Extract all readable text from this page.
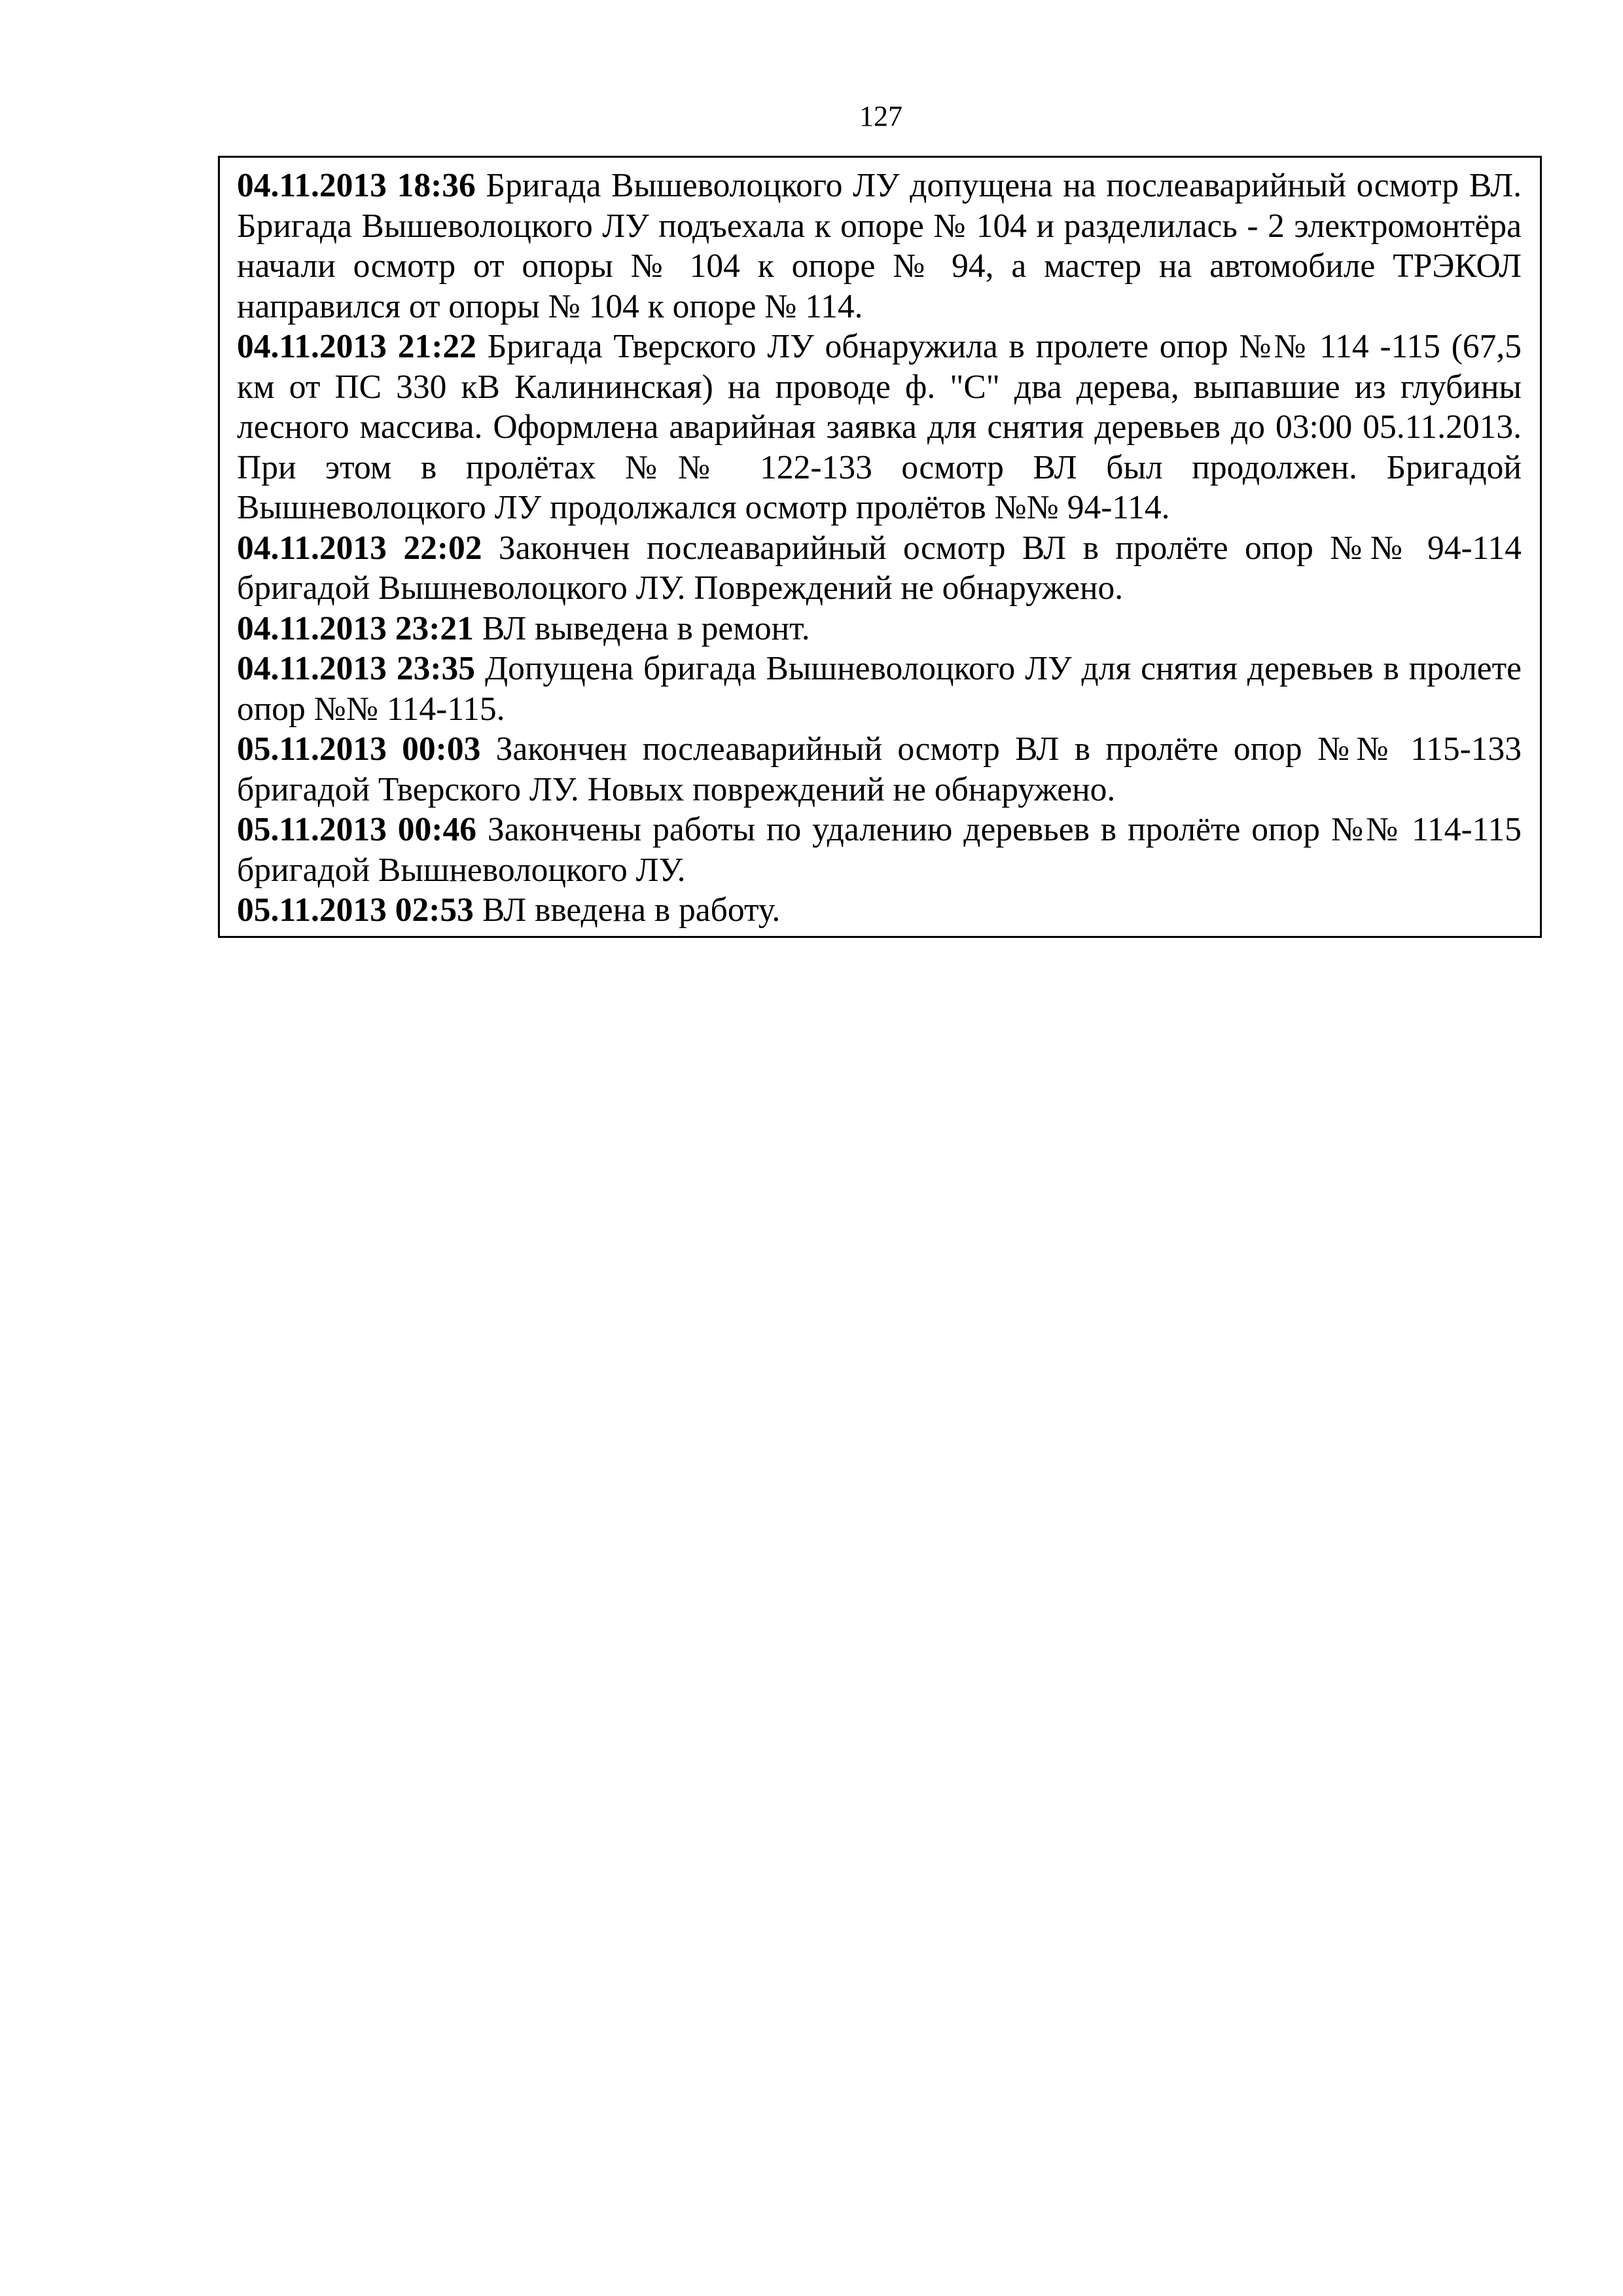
127

04.11.2013 18:36 Бригада Вышеволоцкого ЛУ допущена на послеаварийный осмотр ВЛ. Бригада Вышеволоцкого ЛУ подъехала к опоре № 104 и разделилась - 2 электромонтёра начали осмотр от опоры № 104 к опоре № 94, а мастер на автомобиле ТРЭКОЛ направился от опоры № 104 к опоре № 114.

04.11.2013 21:22 Бригада Тверского ЛУ обнаружила в пролете опор №№ 114 -115 (67,5 км от ПС 330 кВ Калининская) на проводе ф. "С" два дерева, выпавшие из глубины лесного массива. Оформлена аварийная заявка для снятия деревьев до 03:00 05.11.2013. При этом в пролётах №№ 122-133 осмотр ВЛ был продолжен. Бригадой Вышневолоцкого ЛУ продолжался осмотр пролётов №№ 94-114.

04.11.2013 22:02 Закончен послеаварийный осмотр ВЛ в пролёте опор №№ 94-114 бригадой Вышневолоцкого ЛУ. Повреждений не обнаружено.

04.11.2013 23:21 ВЛ выведена в ремонт.

04.11.2013 23:35 Допущена бригада Вышневолоцкого ЛУ для снятия деревьев в пролете опор №№ 114-115.

05.11.2013 00:03 Закончен послеаварийный осмотр ВЛ в пролёте опор №№ 115-133 бригадой Тверского ЛУ. Новых повреждений не обнаружено.

05.11.2013 00:46 Закончены работы по удалению деревьев в пролёте опор №№ 114-115 бригадой Вышневолоцкого ЛУ.

05.11.2013 02:53 ВЛ введена в работу.
